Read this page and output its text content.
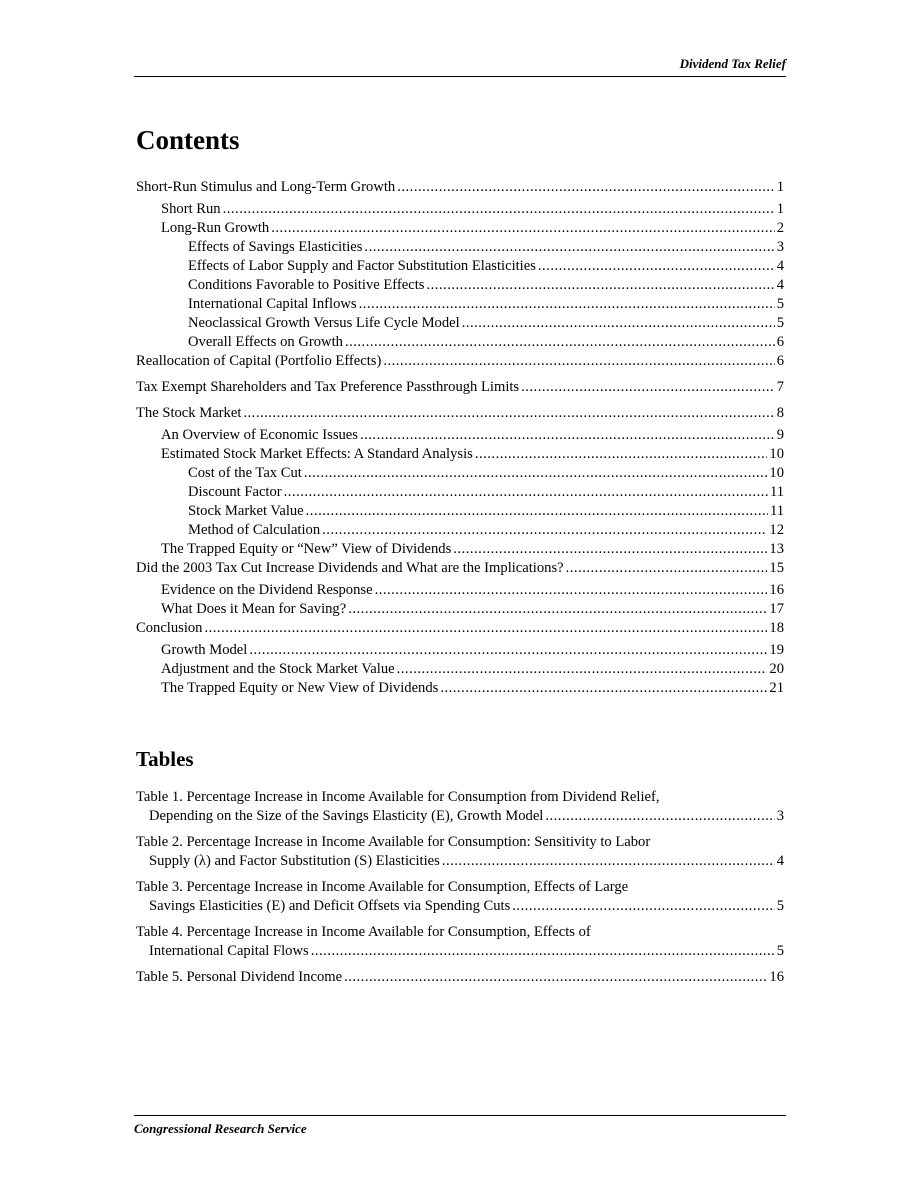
Dividend Tax Relief
Contents
Short-Run Stimulus and Long-Term Growth .....	1
Short Run .....	1
Long-Run Growth .....	2
Effects of Savings Elasticities .....	3
Effects of Labor Supply and Factor Substitution Elasticities .....	4
Conditions Favorable to Positive Effects .....	4
International Capital Inflows .....	5
Neoclassical Growth Versus Life Cycle Model .....	5
Overall Effects on Growth .....	6
Reallocation of Capital (Portfolio Effects) .....	6
Tax Exempt Shareholders and Tax Preference Passthrough Limits .....	7
The Stock Market .....	8
An Overview of Economic Issues .....	9
Estimated Stock Market Effects: A Standard Analysis .....	10
Cost of the Tax Cut .....	10
Discount Factor .....	11
Stock Market Value .....	11
Method of Calculation .....	12
The Trapped Equity or “New” View of Dividends .....	13
Did the 2003 Tax Cut Increase Dividends and What are the Implications? .....	15
Evidence on the Dividend Response .....	16
What Does it Mean for Saving? .....	17
Conclusion .....	18
Growth Model .....	19
Adjustment and the Stock Market Value .....	20
The Trapped Equity or New View of Dividends .....	21
Tables
Table 1. Percentage Increase in Income Available for Consumption from Dividend Relief,
Depending on the Size of the Savings Elasticity (E), Growth Model .....	3
Table 2. Percentage Increase in Income Available for Consumption: Sensitivity to Labor
Supply (λ) and Factor Substitution (S) Elasticities .....	4
Table 3. Percentage Increase in Income Available for Consumption, Effects of Large
Savings Elasticities (E) and Deficit Offsets via Spending Cuts .....	5
Table 4. Percentage Increase in Income Available for Consumption, Effects of
International Capital Flows .....	5
Table 5. Personal Dividend Income .....	16
Congressional Research Service
